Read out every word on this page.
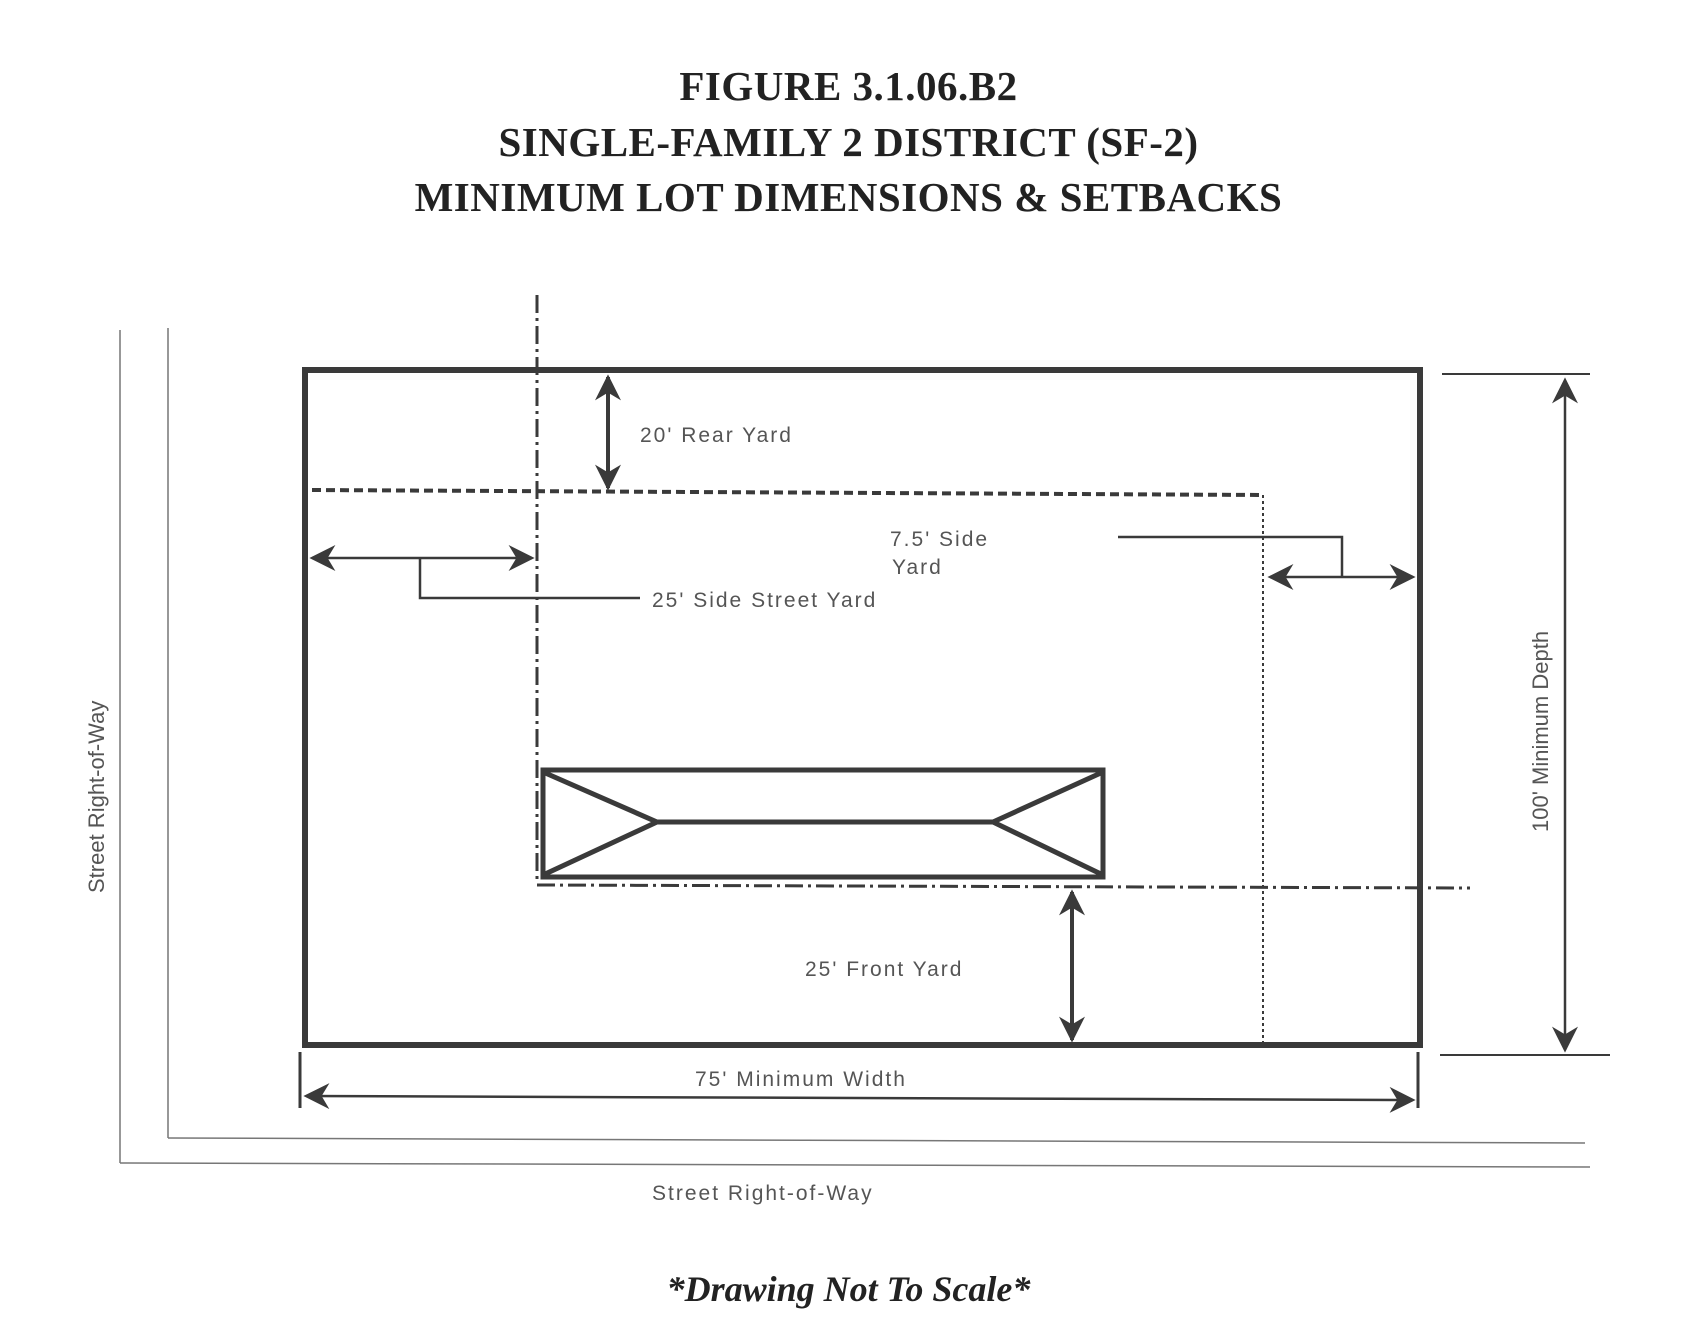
FIGURE 3.1.06.B2
SINGLE-FAMILY 2 DISTRICT (SF-2)
MINIMUM LOT DIMENSIONS & SETBACKS
20' Rear Yard
7.5' Side
Yard
25' Side Street Yard
25' Front Yard
75' Minimum Width
Street Right-of-Way
Street Right-of-Way	100' Minimum Depth
*Drawing Not To Scale*
